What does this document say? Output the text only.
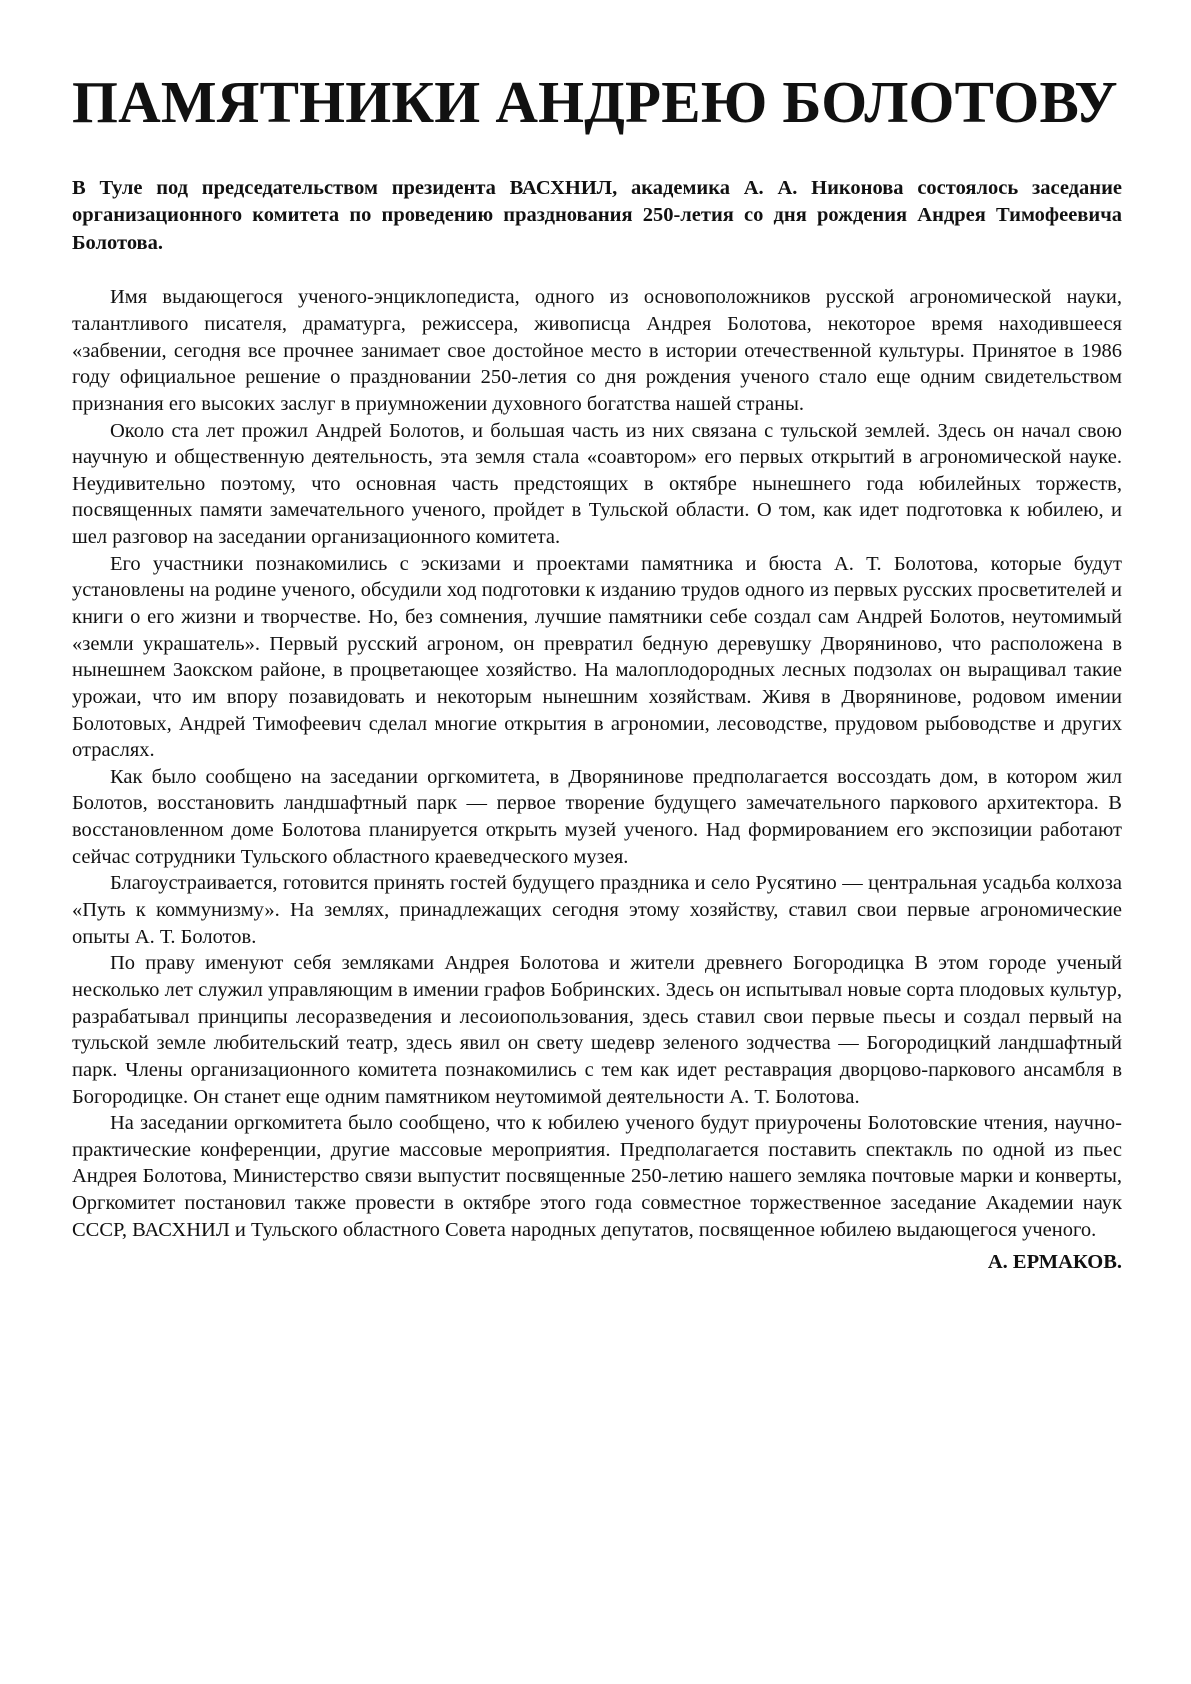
ПАМЯТНИКИ АНДРЕЮ БОЛОТОВУ

В Туле под председательством президента ВАСХНИЛ, академика А. А. Никонова состоялось заседание организационного комитета по проведению празднования 250-летия со дня рождения Андрея Тимофеевича Болотова.

Имя выдающегося ученого-энциклопедиста, одного из основоположников русской агрономической науки, талантливого писателя, драматурга, режиссера, живописца Андрея Болотова, некоторое время находившееся «забвении, сегодня все прочнее занимает свое достойное место в истории отечественной культуры. Принятое в 1986 году официальное решение о праздновании 250-летия со дня рождения ученого стало еще одним свидетельством признания его высоких заслуг в приумножении духовного богатства нашей страны.

Около ста лет прожил Андрей Болотов, и большая часть из них связана с тульской землей. Здесь он начал свою научную и общественную деятельность, эта земля стала «соавтором» его первых открытий в агрономической науке. Неудивительно поэтому, что основная часть предстоящих в октябре нынешнего года юбилейных торжеств, посвященных памяти замечательного ученого, пройдет в Тульской области. О том, как идет подготовка к юбилею, и шел разговор на заседании организационного комитета.

Его участники познакомились с эскизами и проектами памятника и бюста А. Т. Болотова, которые будут установлены на родине ученого, обсудили ход подготовки к изданию трудов одного из первых русских просветителей и книги о его жизни и творчестве. Но, без сомнения, лучшие памятники себе создал сам Андрей Болотов, неутомимый «земли украшатель». Первый русский агроном, он превратил бедную деревушку Дворяниново, что расположена в нынешнем Заокском районе, в процветающее хозяйство. На малоплодородных лесных подзолах он выращивал такие урожаи, что им впору позавидовать и некоторым нынешним хозяйствам. Живя в Дворянинове, родовом имении Болотовых, Андрей Тимофеевич сделал многие открытия в агрономии, лесоводстве, прудовом рыбоводстве и других отраслях.

Как было сообщено на заседании оргкомитета, в Дворянинове предполагается воссоздать дом, в котором жил Болотов, восстановить ландшафтный парк — первое творение будущего замечательного паркового архитектора. В восстановленном доме Болотова планируется открыть музей ученого. Над формированием его экспозиции работают сейчас сотрудники Тульского областного краеведческого музея.

Благоустраивается, готовится принять гостей будущего праздника и село Русятино — центральная усадьба колхоза «Путь к коммунизму». На землях, принадлежащих сегодня этому хозяйству, ставил свои первые агрономические опыты А. Т. Болотов.

По праву именуют себя земляками Андрея Болотова и жители древнего Богородицка В этом городе ученый несколько лет служил управляющим в имении графов Бобринских. Здесь он испытывал новые сорта плодовых культур, разрабатывал принципы лесоразведения и лесоиопользования, здесь ставил свои первые пьесы и создал первый на тульской земле любительский театр, здесь явил он свету шедевр зеленого зодчества — Богородицкий ландшафтный парк. Члены организационного комитета познакомились с тем как идет реставрация дворцово-паркового ансамбля в Богородицке. Он станет еще одним памятником неутомимой деятельности А. Т. Болотова.

На заседании оргкомитета было сообщено, что к юбилею ученого будут приурочены Болотовские чтения, научно-практические конференции, другие массовые мероприятия. Предполагается поставить спектакль по одной из пьес Андрея Болотова, Министерство связи выпустит посвященные 250-летию нашего земляка почтовые марки и конверты, Оргкомитет постановил также провести в октябре этого года совместное торжественное заседание Академии наук СССР, ВАСХНИЛ и Тульского областного Совета народных депутатов, посвященное юбилею выдающегося ученого.

А. ЕРМАКОВ.
